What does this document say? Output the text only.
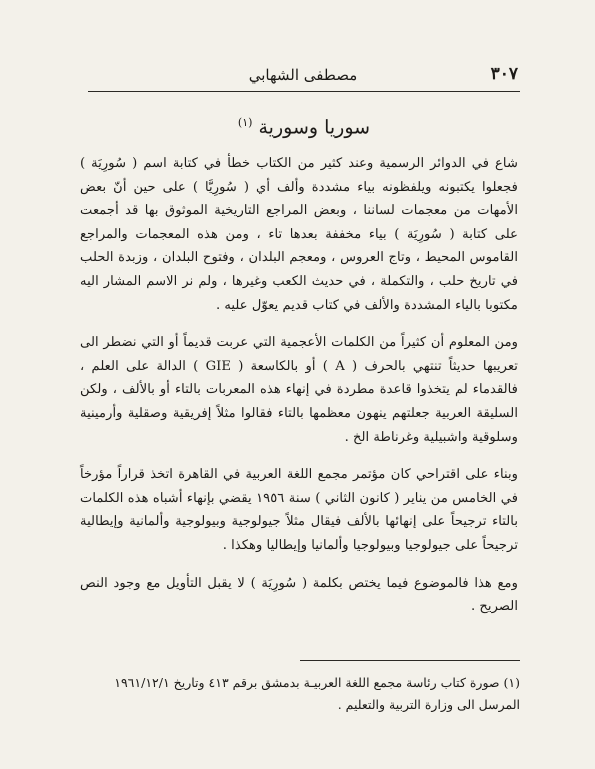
٣٠٧
مصطفى الشهابي
سوريا وسورية $^{(١)}$

شاع في الدوائر الرسمية وعند كثير من الكتاب خطأ في كتابة اسم ( سُورِيَة ) فجعلوا يكتبونه ويلفظونه بياء مشددة وألف أي ( سُورِيَّا ) على حين أنّ بعض الأمهات من معجمات لساننا ، وبعض المراجع التاريخية الموثوق بها قد أجمعت على كتابة ( سُورِيَة ) بياء مخففة بعدها تاء ، ومن هذه المعجمات والمراجع القاموس المحيط ، وتاج العروس ، ومعجم البلدان ، وفتوح البلدان ، وزبدة الحلب في تاريخ حلب ، والتكملة ، في حديث الكعب وغيرها ، ولم نر الاسم المشار اليه مكتوبا بالياء المشددة والألف في كتاب قديم يعوّل عليه .

ومن المعلوم أن كثيراً من الكلمات الأعجمية التي عربت قديماً أو التي نضطر الى تعريبها حديثاً تنتهي بالحرف ( A ) أو بالكاسعة ( GIE ) الدالة على العلم ، فالقدماء لم يتخذوا قاعدة مطردة في إنهاء هذه المعربات بالتاء أو بالألف ، ولكن السليقة العربية جعلتهم ينهون معظمها بالتاء فقالوا مثلاً إفريقية وصقلية وأرمينية وسلوقية واشبيلية وغرناطة الخ .

وبناء على اقتراحي كان مؤتمر مجمع اللغة العربية في القاهرة اتخذ قراراً مؤرخاً في الخامس من يناير ( كانون الثاني ) سنة ١٩٥٦ يقضي بإنهاء أشباه هذه الكلمات بالتاء ترجيحاً على إنهائها بالألف فيقال مثلاً جيولوجية وبيولوجية وألمانية وإيطالية ترجيحاً على جيولوجيا وبيولوجيا وألمانيا وإيطاليا وهكذا .

ومع هذا فالموضوع فيما يختص بكلمة ( سُورِيَة ) لا يقبل التأويل مع وجود النص الصريح .

(١) صورة كتاب رئاسة مجمع اللغة العربيـة بدمشق برقم ٤١٣ وتاريخ ١٩٦١/١٢/١

المرسل الى وزارة التربية والتعليم .
